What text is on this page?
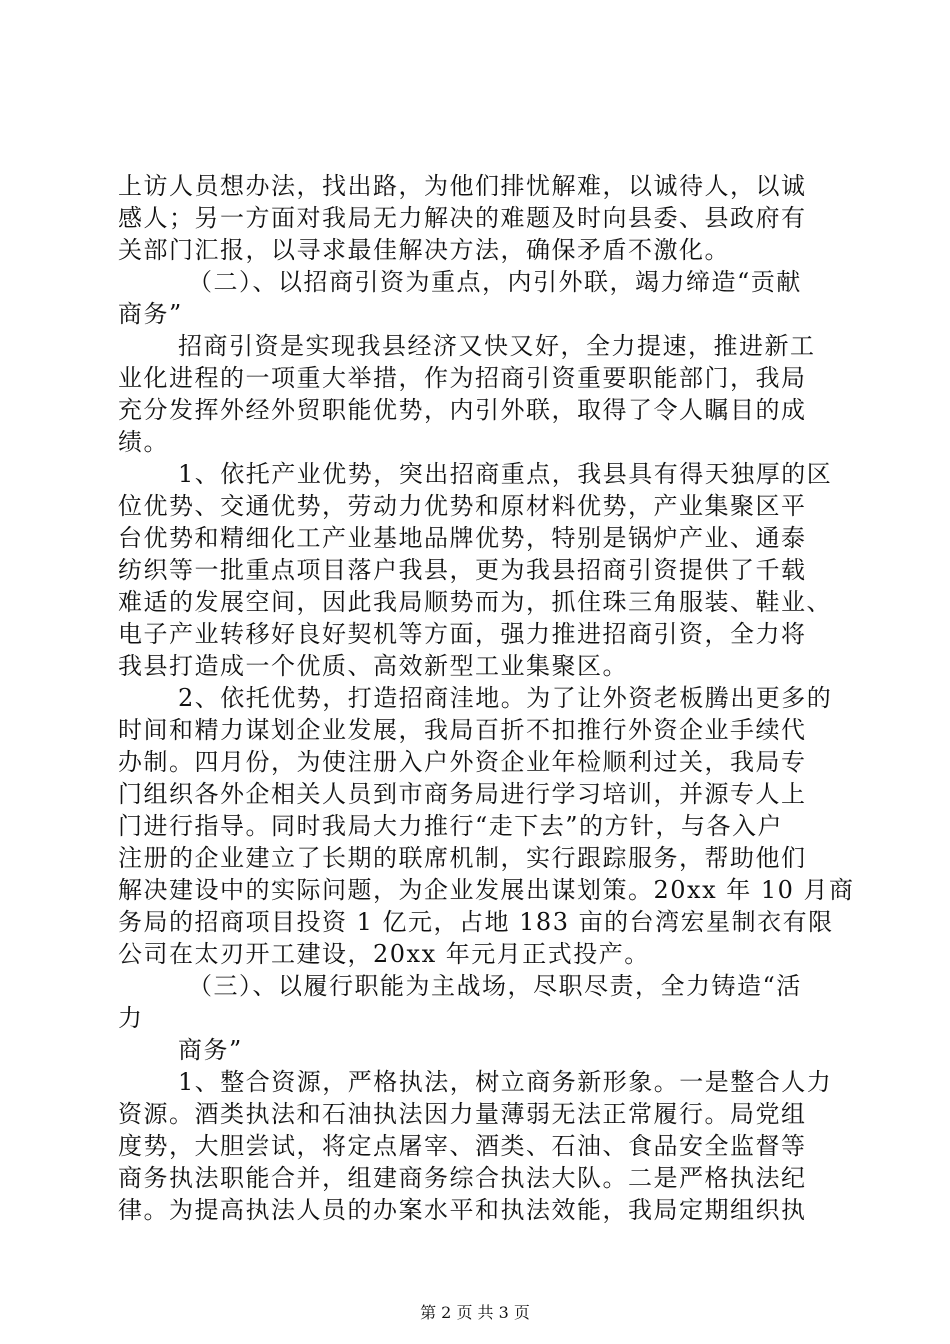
上访人员想办法，找出路，为他们排忧解难，以诚待人，以诚
感人；另一方面对我局无力解决的难题及时向县委、县政府有
关部门汇报，以寻求最佳解决方法，确保矛盾不激化。
（二）、以招商引资为重点，内引外联，竭力缔造“贡献
商务”
招商引资是实现我县经济又快又好，全力提速，推进新工
业化进程的一项重大举措，作为招商引资重要职能部门，我局
充分发挥外经外贸职能优势，内引外联，取得了令人瞩目的成
绩。
1、依托产业优势，突出招商重点，我县具有得天独厚的区
位优势、交通优势，劳动力优势和原材料优势，产业集聚区平
台优势和精细化工产业基地品牌优势，特别是锅炉产业、通泰
纺织等一批重点项目落户我县，更为我县招商引资提供了千载
难适的发展空间，因此我局顺势而为，抓住珠三角服装、鞋业、
电子产业转移好良好契机等方面，强力推进招商引资，全力将
我县打造成一个优质、高效新型工业集聚区。
2、依托优势，打造招商洼地。为了让外资老板腾出更多的
时间和精力谋划企业发展，我局百折不扣推行外资企业手续代
办制。四月份，为使注册入户外资企业年检顺利过关，我局专
门组织各外企相关人员到市商务局进行学习培训，并源专人上
门进行指导。同时我局大力推行“走下去”的方针，与各入户
注册的企业建立了长期的联席机制，实行跟踪服务，帮助他们
解决建设中的实际问题，为企业发展出谋划策。20xx 年 10 月商
务局的招商项目投资 1 亿元，占地 183 亩的台湾宏星制衣有限
公司在太刃开工建设，20xx 年元月正式投产。
（三）、以履行职能为主战场，尽职尽责，全力铸造“活
力
商务”
1、整合资源，严格执法，树立商务新形象。一是整合人力
资源。酒类执法和石油执法因力量薄弱无法正常履行。局党组
度势，大胆尝试，将定点屠宰、酒类、石油、食品安全监督等
商务执法职能合并，组建商务综合执法大队。二是严格执法纪
律。为提高执法人员的办案水平和执法效能，我局定期组织执
第 2 页 共 3 页
